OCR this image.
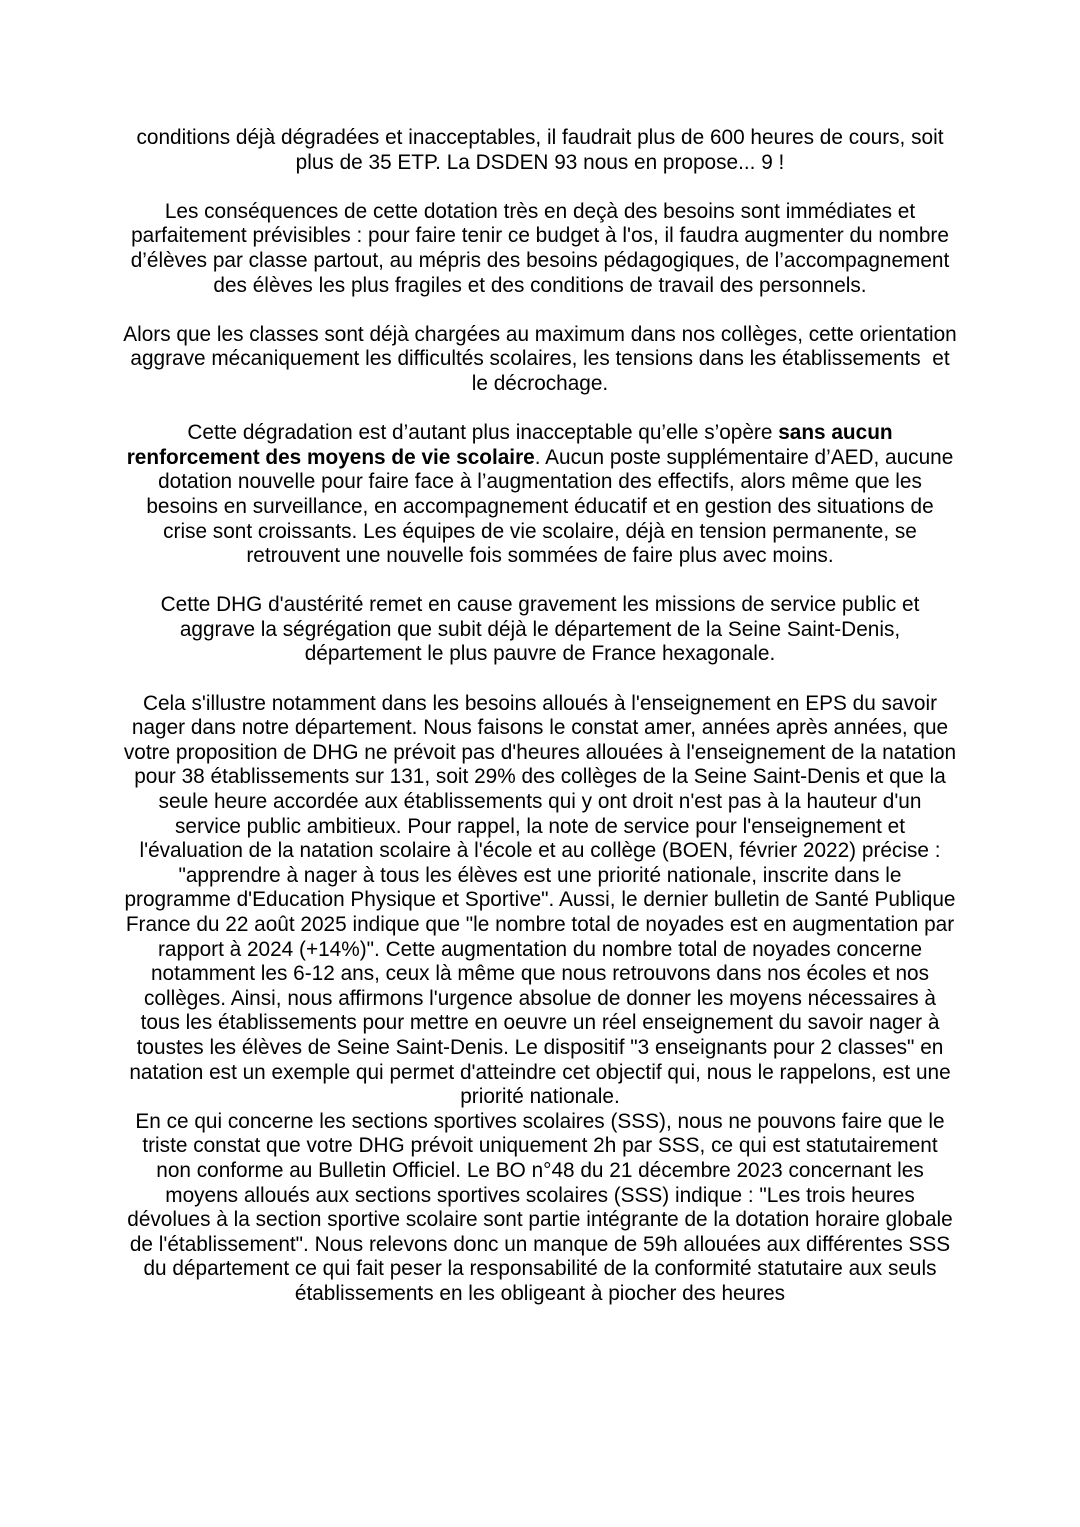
conditions déjà dégradées et inacceptables, il faudrait plus de 600 heures de cours, soit plus de 35 ETP. La DSDEN 93 nous en propose... 9 !

Les conséquences de cette dotation très en deçà des besoins sont immédiates et parfaitement prévisibles : pour faire tenir ce budget à l'os, il faudra augmenter du nombre d’élèves par classe partout, au mépris des besoins pédagogiques, de l’accompagnement des élèves les plus fragiles et des conditions de travail des personnels.

Alors que les classes sont déjà chargées au maximum dans nos collèges, cette orientation aggrave mécaniquement les difficultés scolaires, les tensions dans les établissements  et le décrochage.

Cette dégradation est d’autant plus inacceptable qu’elle s’opère sans aucun renforcement des moyens de vie scolaire. Aucun poste supplémentaire d’AED, aucune dotation nouvelle pour faire face à l’augmentation des effectifs, alors même que les besoins en surveillance, en accompagnement éducatif et en gestion des situations de crise sont croissants. Les équipes de vie scolaire, déjà en tension permanente, se retrouvent une nouvelle fois sommées de faire plus avec moins.

Cette DHG d'austérité remet en cause gravement les missions de service public et aggrave la ségrégation que subit déjà le département de la Seine Saint-Denis, département le plus pauvre de France hexagonale.

Cela s'illustre notamment dans les besoins alloués à l'enseignement en EPS du savoir nager dans notre département. Nous faisons le constat amer, années après années, que votre proposition de DHG ne prévoit pas d'heures allouées à l'enseignement de la natation pour 38 établissements sur 131, soit 29% des collèges de la Seine Saint-Denis et que la seule heure accordée aux établissements qui y ont droit n'est pas à la hauteur d'un service public ambitieux. Pour rappel, la note de service pour l'enseignement et l'évaluation de la natation scolaire à l'école et au collège (BOEN, février 2022) précise : "apprendre à nager à tous les élèves est une priorité nationale, inscrite dans le programme d'Education Physique et Sportive". Aussi, le dernier bulletin de Santé Publique France du 22 août 2025 indique que "le nombre total de noyades est en augmentation par rapport à 2024 (+14%)". Cette augmentation du nombre total de noyades concerne notamment les 6-12 ans, ceux là même que nous retrouvons dans nos écoles et nos collèges. Ainsi, nous affirmons l'urgence absolue de donner les moyens nécessaires à tous les établissements pour mettre en oeuvre un réel enseignement du savoir nager à toustes les élèves de Seine Saint-Denis. Le dispositif "3 enseignants pour 2 classes" en natation est un exemple qui permet d'atteindre cet objectif qui, nous le rappelons, est une priorité nationale.

En ce qui concerne les sections sportives scolaires (SSS), nous ne pouvons faire que le triste constat que votre DHG prévoit uniquement 2h par SSS, ce qui est statutairement non conforme au Bulletin Officiel. Le BO n°48 du 21 décembre 2023 concernant les moyens alloués aux sections sportives scolaires (SSS) indique : "Les trois heures dévolues à la section sportive scolaire sont partie intégrante de la dotation horaire globale de l'établissement". Nous relevons donc un manque de 59h allouées aux différentes SSS du département ce qui fait peser la responsabilité de la conformité statutaire aux seuls établissements en les obligeant à piocher des heures
